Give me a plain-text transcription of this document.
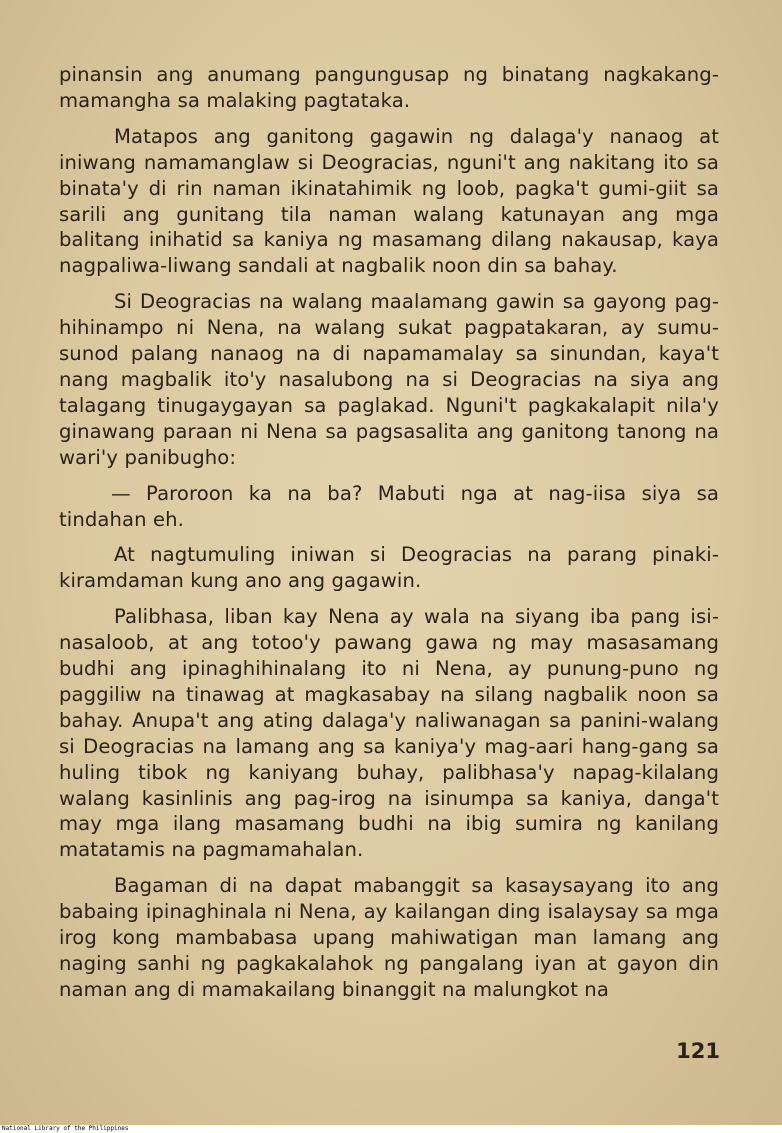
pinansin ang anumang pangungusap ng binatang nagkakang-mamangha sa malaking pagtataka.

Matapos ang ganitong gagawin ng dalaga'y nanaog at iniwang namamanglaw si Deogracias, nguni't ang nakitang ito sa binata'y di rin naman ikinatahimik ng loob, pagka't gumi-giit sa sarili ang gunitang tila naman walang katunayan ang mga balitang inihatid sa kaniya ng masamang dilang nakausap, kaya nagpaliwa-liwang sandali at nagbalik noon din sa bahay.

Si Deogracias na walang maalamang gawin sa gayong pag-hihinampo ni Nena, na walang sukat pagpatakaran, ay sumu-sunod palang nanaog na di napamamalay sa sinundan, kaya't nang magbalik ito'y nasalubong na si Deogracias na siya ang talagang tinugaygayan sa paglakad. Nguni't pagkakalapit nila'y ginawang paraan ni Nena sa pagsasalita ang ganitong tanong na wari'y panibugho:

— Paroroon ka na ba? Mabuti nga at nag-iisa siya sa tindahan eh.

At nagtumuling iniwan si Deogracias na parang pinaki-kiramdaman kung ano ang gagawin.

Palibhasa, liban kay Nena ay wala na siyang iba pang isi-nasaloob, at ang totoo'y pawang gawa ng may masasamang budhi ang ipinaghihinalang ito ni Nena, ay punung-puno ng paggiliw na tinawag at magkasabay na silang nagbalik noon sa bahay. Anupa't ang ating dalaga'y naliwanagan sa panini-walang si Deogracias na lamang ang sa kaniya'y mag-aari hang-gang sa huling tibok ng kaniyang buhay, palibhasa'y napag-kilalang walang kasinlinis ang pag-irog na isinumpa sa kaniya, danga't may mga ilang masamang budhi na ibig sumira ng kanilang matatamis na pagmamahalan.

Bagaman di na dapat mabanggit sa kasaysayang ito ang babaing ipinaghinala ni Nena, ay kailangan ding isalaysay sa mga irog kong mambabasa upang mahiwatigan man lamang ang naging sanhi ng pagkakalahok ng pangalang iyan at gayon din naman ang di mamakailang binanggit na malungkot na

121
National Library of the Philippines
